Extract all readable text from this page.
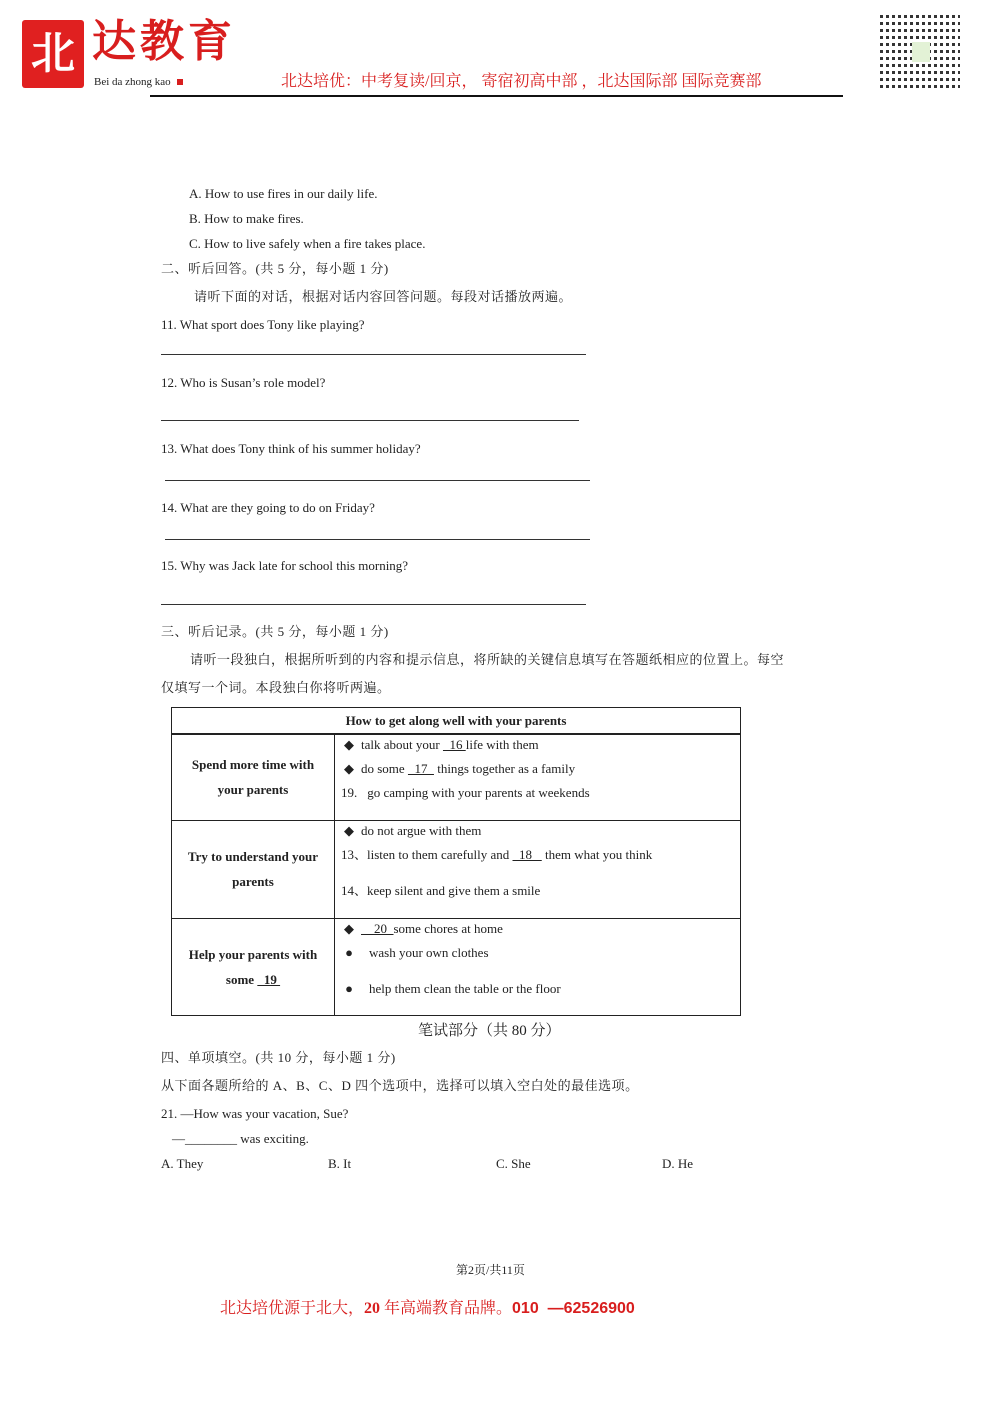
北 达教育
Bei da zhong kao	北达培优：中考复读/回京， 寄宿初高中部 ，北达国际部 国际竞赛部
A. How to use fires in our daily life.
B. How to make fires.
C. How to live safely when a fire takes place.
二、听后回答。(共 5 分，每小题 1 分)
请听下面的对话，根据对话内容回答问题。每段对话播放两遍。
11. What sport does Tony like playing?
12. Who is Susan’s role model?
13. What does Tony think of his summer holiday?
14. What are they going to do on Friday?
15. Why was Jack late for school this morning?
三、听后记录。(共 5 分，每小题 1 分)
请听一段独白，根据所听到的内容和提示信息，将所缺的关键信息填写在答题纸相应的位置上。每空
仅填写一个词。本段独白你将听两遍。
How to get along well with your parents	
Spend more time with
your parents	◆ talk about your   16 life with them
◆ do some   17   things together as a family
19. go camping with your parents at weekends

Try to understand your
parents	◆ do not argue with them
13、listen to them carefully and   18    them what you think
14、keep silent and give them a smile

Help your parents with
some   19	◆    20  some chores at home
● wash your own clothes
● help them clean the table or the floor
笔试部分（共 80 分）
四、单项填空。(共 10 分，每小题 1 分)
从下面各题所给的 A、B、C、D 四个选项中，选择可以填入空白处的最佳选项。
21. —How was your vacation, Sue?
—________ was exciting.
A. They	B. It	C. She	D. He
第2页/共11页
北达培优源于北大，20 年高端教育品牌。010  —62526900
